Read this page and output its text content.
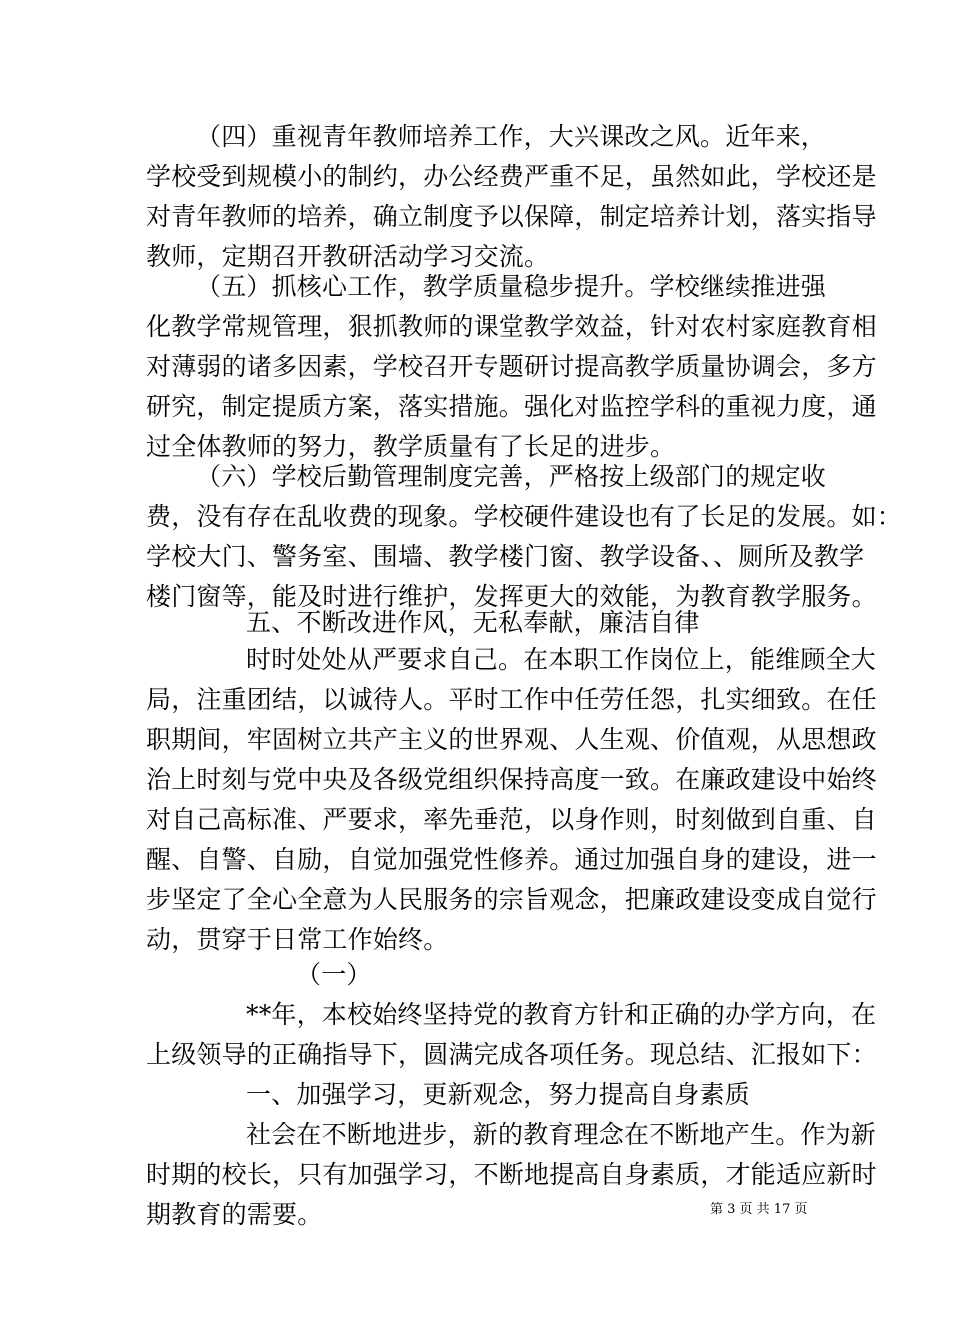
（四）重视青年教师培养工作，大兴课改之风。近年来，
学校受到规模小的制约，办公经费严重不足，虽然如此，学校还是
对青年教师的培养，确立制度予以保障，制定培养计划，落实指导
教师，定期召开教研活动学习交流。
（五）抓核心工作，教学质量稳步提升。学校继续推进强
化教学常规管理，狠抓教师的课堂教学效益，针对农村家庭教育相
对薄弱的诸多因素，学校召开专题研讨提高教学质量协调会，多方
研究，制定提质方案，落实措施。强化对监控学科的重视力度，通
过全体教师的努力，教学质量有了长足的进步。
（六）学校后勤管理制度完善，严格按上级部门的规定收
费，没有存在乱收费的现象。学校硬件建设也有了长足的发展。如：
学校大门、警务室、围墙、教学楼门窗、教学设备、、厕所及教学
楼门窗等，能及时进行维护，发挥更大的效能，为教育教学服务。
五、不断改进作风，无私奉献，廉洁自律
时时处处从严要求自己。在本职工作岗位上，能维顾全大
局，注重团结，以诚待人。平时工作中任劳任怨，扎实细致。在任
职期间，牢固树立共产主义的世界观、人生观、价值观，从思想政
治上时刻与党中央及各级党组织保持高度一致。在廉政建设中始终
对自己高标准、严要求，率先垂范，以身作则，时刻做到自重、自
醒、自警、自励，自觉加强党性修养。通过加强自身的建设，进一
步坚定了全心全意为人民服务的宗旨观念，把廉政建设变成自觉行
动，贯穿于日常工作始终。
（一）
**年，本校始终坚持党的教育方针和正确的办学方向，在
上级领导的正确指导下，圆满完成各项任务。现总结、汇报如下：
一、加强学习，更新观念，努力提高自身素质
社会在不断地进步，新的教育理念在不断地产生。作为新
时期的校长，只有加强学习，不断地提高自身素质，才能适应新时
期教育的需要。	第 3 页 共 17 页
